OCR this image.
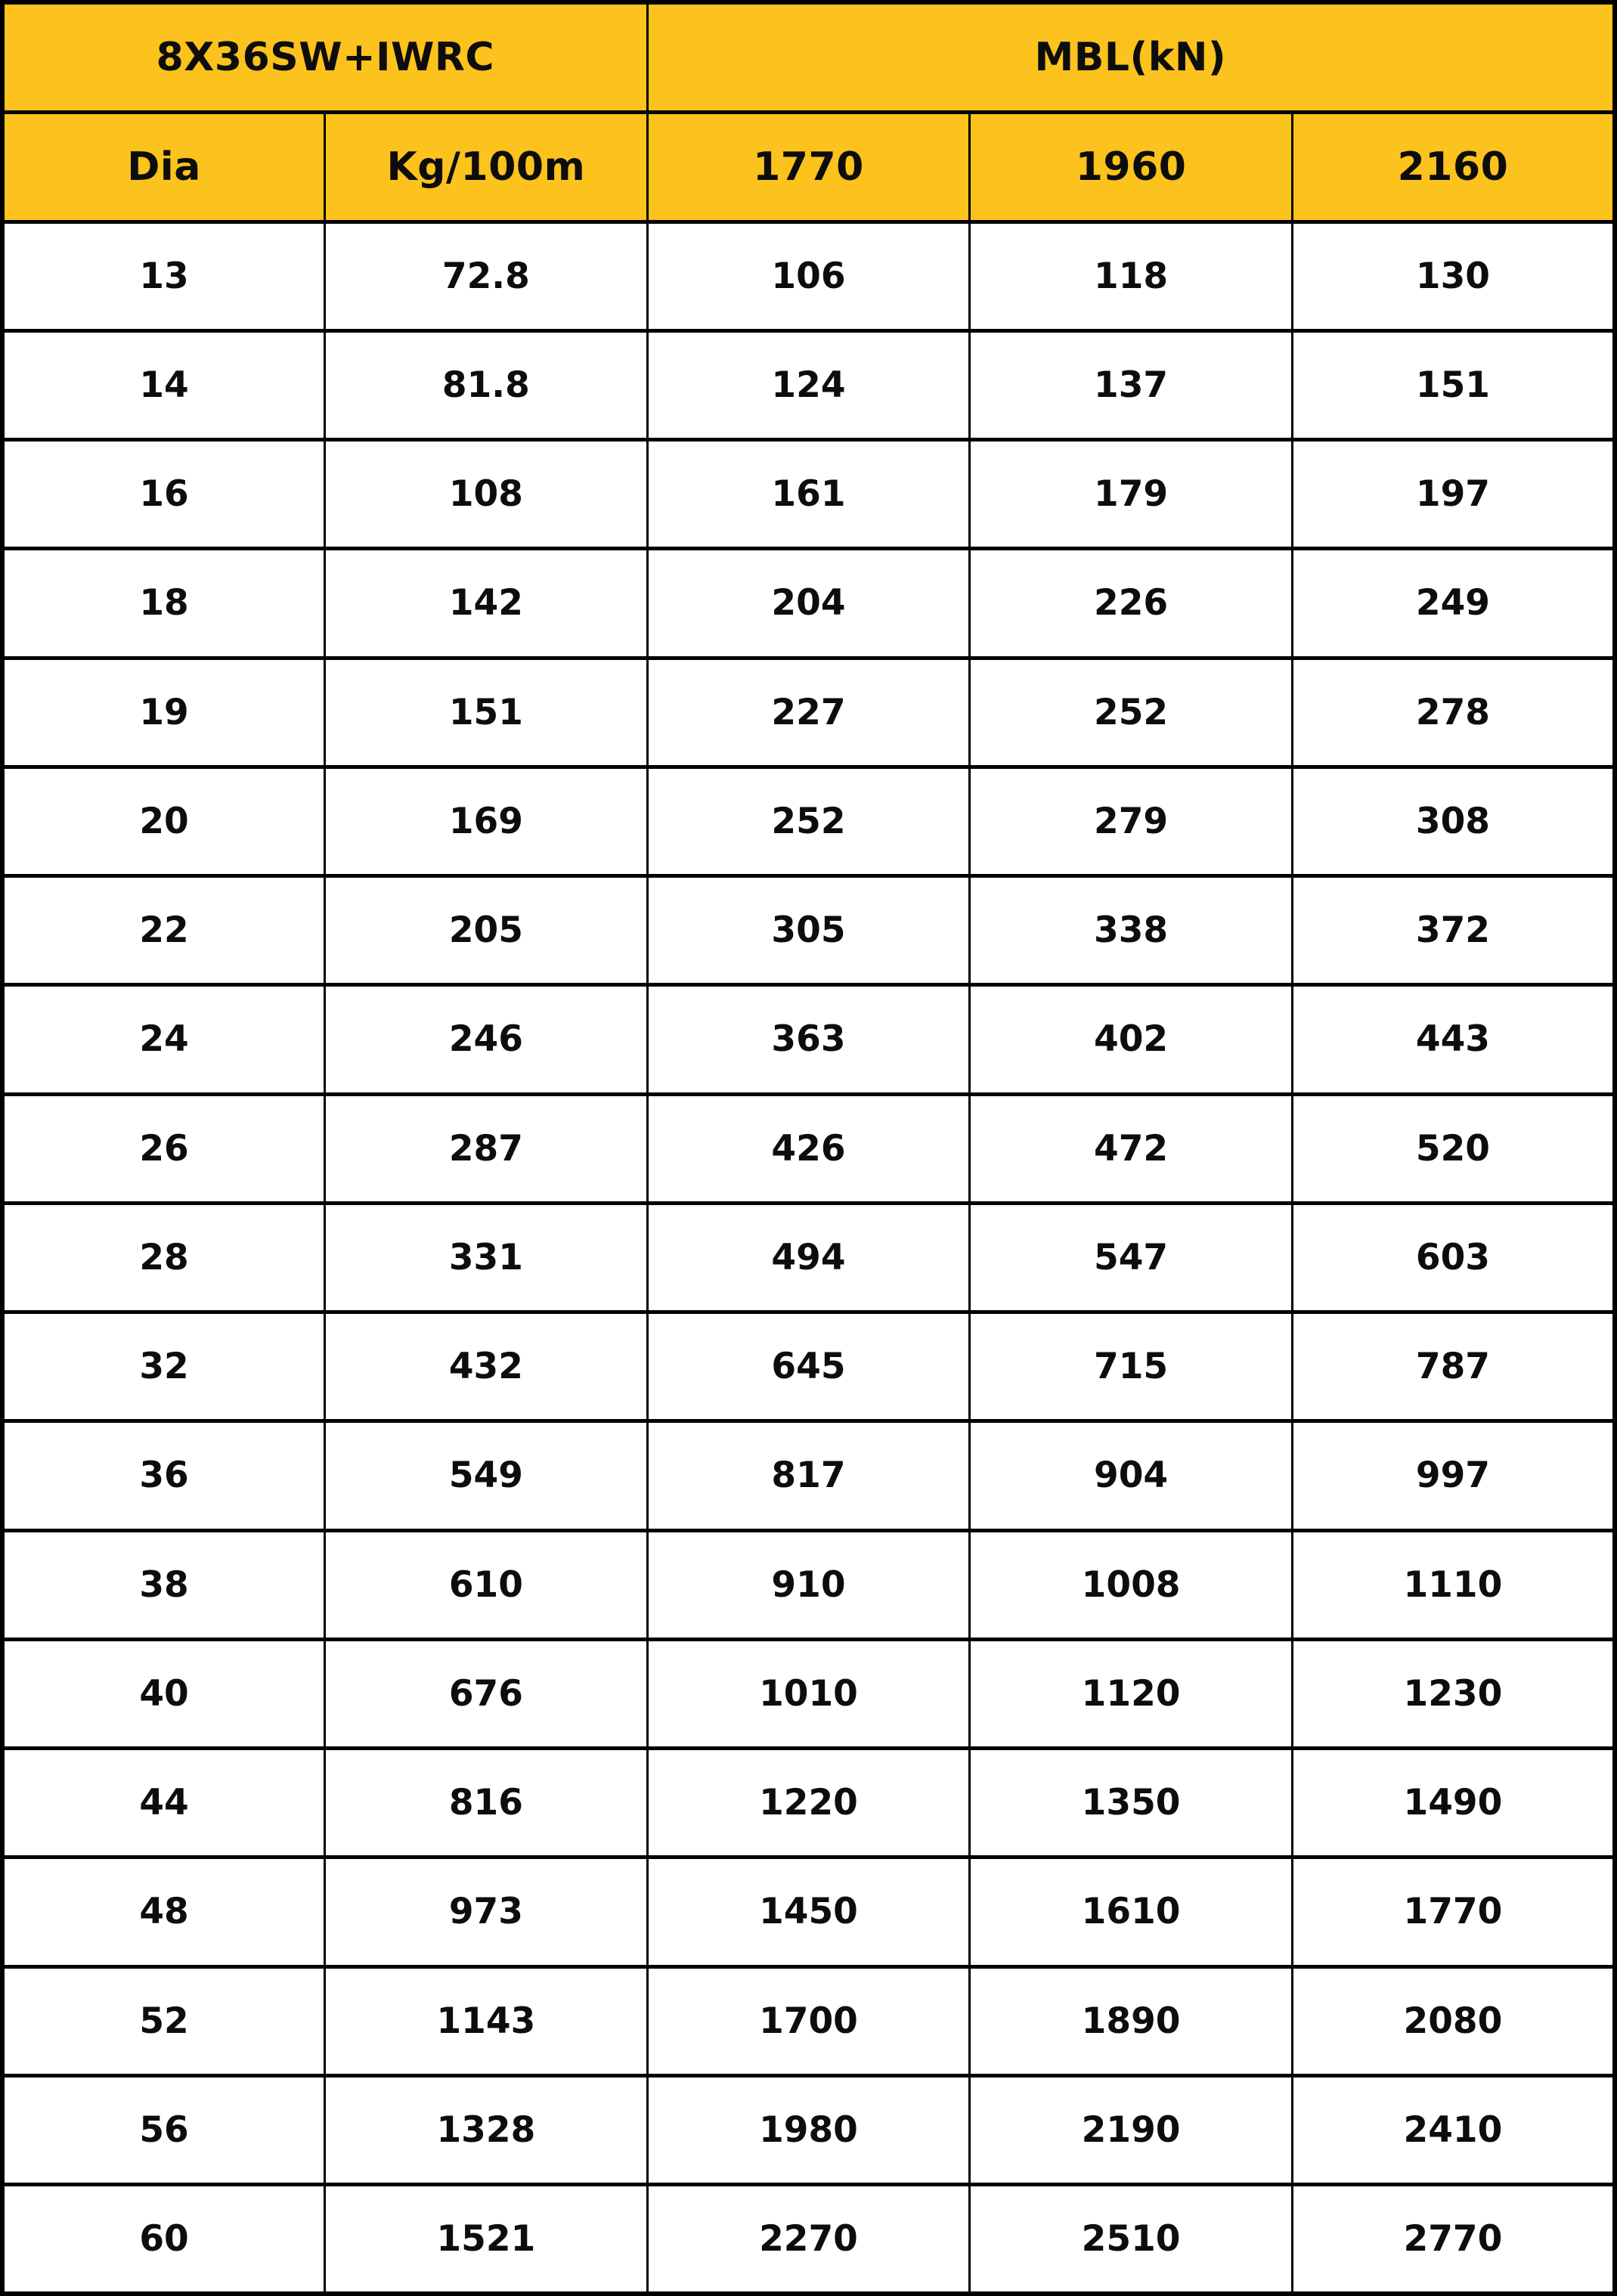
8X36SW+IWRC		MBL(kN)		
Dia	Kg/100m	1770	1960	2160
13	72.8	106	118	130
14	81.8	124	137	151
16	108	161	179	197
18	142	204	226	249
19	151	227	252	278
20	169	252	279	308
22	205	305	338	372
24	246	363	402	443
26	287	426	472	520
28	331	494	547	603
32	432	645	715	787
36	549	817	904	997
38	610	910	1008	1110
40	676	1010	1120	1230
44	816	1220	1350	1490
48	973	1450	1610	1770
52	1143	1700	1890	2080
56	1328	1980	2190	2410
60	1521	2270	2510	2770
